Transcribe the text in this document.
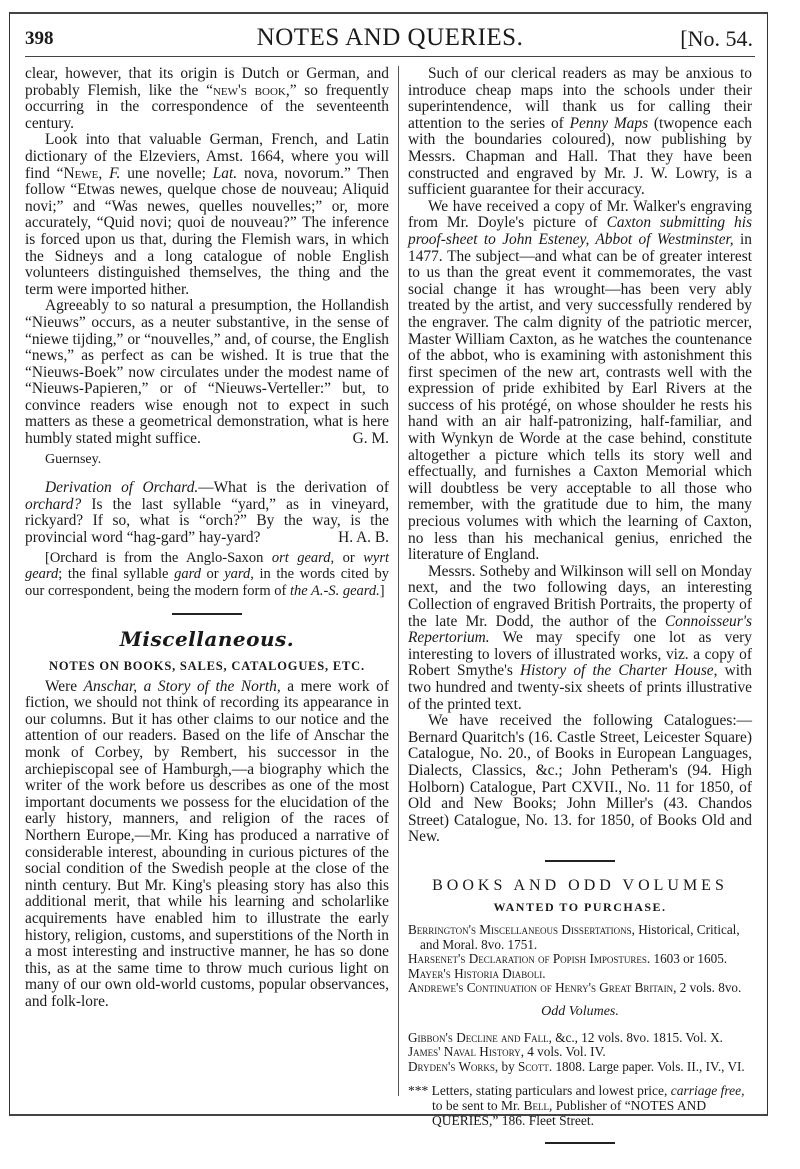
398	NOTES AND QUERIES.	[No. 54.

clear, however, that its origin is Dutch or German, and probably Flemish, like the “new's book,” so frequently occurring in the correspondence of the seventeenth century.

Look into that valuable German, French, and Latin dictionary of the Elzeviers, Amst. 1664, where you will find “Newe, F. une novelle; Lat. nova, novorum.” Then follow “Etwas newes, quelque chose de nouveau; Aliquid novi;” and “Was newes, quelles nouvelles;” or, more accurately, “Quid novi; quoi de nouveau?” The inference is forced upon us that, during the Flemish wars, in which the Sidneys and a long catalogue of noble English volunteers distinguished themselves, the thing and the term were imported hither.

Agreeably to so natural a presumption, the Hollandish “Nieuws” occurs, as a neuter substantive, in the sense of “niewe tijding,” or “nouvelles,” and, of course, the English “news,” as perfect as can be wished. It is true that the “Nieuws-Boek” now circulates under the modest name of “Nieuws-Papieren,” or of “Nieuws-Verteller:” but, to convince readers wise enough not to expect in such matters as these a geometrical demonstration, what is here humbly stated might suffice.	G. M.
Guernsey.

Derivation of Orchard.—What is the derivation of orchard? Is the last syllable “yard,” as in vineyard, rickyard? If so, what is “orch?” By the way, is the provincial word “hag-gard” hay-yard?	H. A. B.

[Orchard is from the Anglo-Saxon ort geard, or wyrt geard; the final syllable gard or yard, in the words cited by our correspondent, being the modern form of the A.-S. geard.]

Miscellaneous.
NOTES ON BOOKS, SALES, CATALOGUES, ETC.

Were Anschar, a Story of the North, a mere work of fiction, we should not think of recording its appearance in our columns. But it has other claims to our notice and the attention of our readers. Based on the life of Anschar the monk of Corbey, by Rembert, his successor in the archiepiscopal see of Hamburgh,—a biography which the writer of the work before us describes as one of the most important documents we possess for the elucidation of the early history, manners, and religion of the races of Northern Europe,—Mr. King has produced a narrative of considerable interest, abounding in curious pictures of the social condition of the Swedish people at the close of the ninth century. But Mr. King's pleasing story has also this additional merit, that while his learning and scholarlike acquirements have enabled him to illustrate the early history, religion, customs, and superstitions of the North in a most interesting and instructive manner, he has so done this, as at the same time to throw much curious light on many of our own old-world customs, popular observances, and folk-lore.

Such of our clerical readers as may be anxious to introduce cheap maps into the schools under their superintendence, will thank us for calling their attention to the series of Penny Maps (twopence each with the boundaries coloured), now publishing by Messrs. Chapman and Hall. That they have been constructed and engraved by Mr. J. W. Lowry, is a sufficient guarantee for their accuracy.

We have received a copy of Mr. Walker's engraving from Mr. Doyle's picture of Caxton submitting his proof-sheet to John Esteney, Abbot of Westminster, in 1477. The subject—and what can be of greater interest to us than the great event it commemorates, the vast social change it has wrought—has been very ably treated by the artist, and very successfully rendered by the engraver. The calm dignity of the patriotic mercer, Master William Caxton, as he watches the countenance of the abbot, who is examining with astonishment this first specimen of the new art, contrasts well with the expression of pride exhibited by Earl Rivers at the success of his protégé, on whose shoulder he rests his hand with an air half-patronizing, half-familiar, and with Wynkyn de Worde at the case behind, constitute altogether a picture which tells its story well and effectually, and furnishes a Caxton Memorial which will doubtless be very acceptable to all those who remember, with the gratitude due to him, the many precious volumes with which the learning of Caxton, no less than his mechanical genius, enriched the literature of England.

Messrs. Sotheby and Wilkinson will sell on Monday next, and the two following days, an interesting Collection of engraved British Portraits, the property of the late Mr. Dodd, the author of the Connoisseur's Repertorium. We may specify one lot as very interesting to lovers of illustrated works, viz. a copy of Robert Smythe's History of the Charter House, with two hundred and twenty-six sheets of prints illustrative of the printed text.

We have received the following Catalogues:—Bernard Quaritch's (16. Castle Street, Leicester Square) Catalogue, No. 20., of Books in European Languages, Dialects, Classics, &c.; John Petheram's (94. High Holborn) Catalogue, Part CXVII., No. 11 for 1850, of Old and New Books; John Miller's (43. Chandos Street) Catalogue, No. 13. for 1850, of Books Old and New.

BOOKS AND ODD VOLUMES
WANTED TO PURCHASE.
Berrington's Miscellaneous Dissertations, Historical, Critical, and Moral. 8vo. 1751.
Harsenet's Declaration of Popish Impostures. 1603 or 1605.
Mayer's Historia Diaboli.
Andrewe's Continuation of Henry's Great Britain, 2 vols. 8vo.
Odd Volumes.
Gibbon's Decline and Fall, &c., 12 vols. 8vo. 1815. Vol. X.
James' Naval History, 4 vols. Vol. IV.
Dryden's Works, by Scott. 1808. Large paper. Vols. II., IV., VI.
*** Letters, stating particulars and lowest price, carriage free, to be sent to Mr. Bell, Publisher of “NOTES AND QUERIES,” 186. Fleet Street.
